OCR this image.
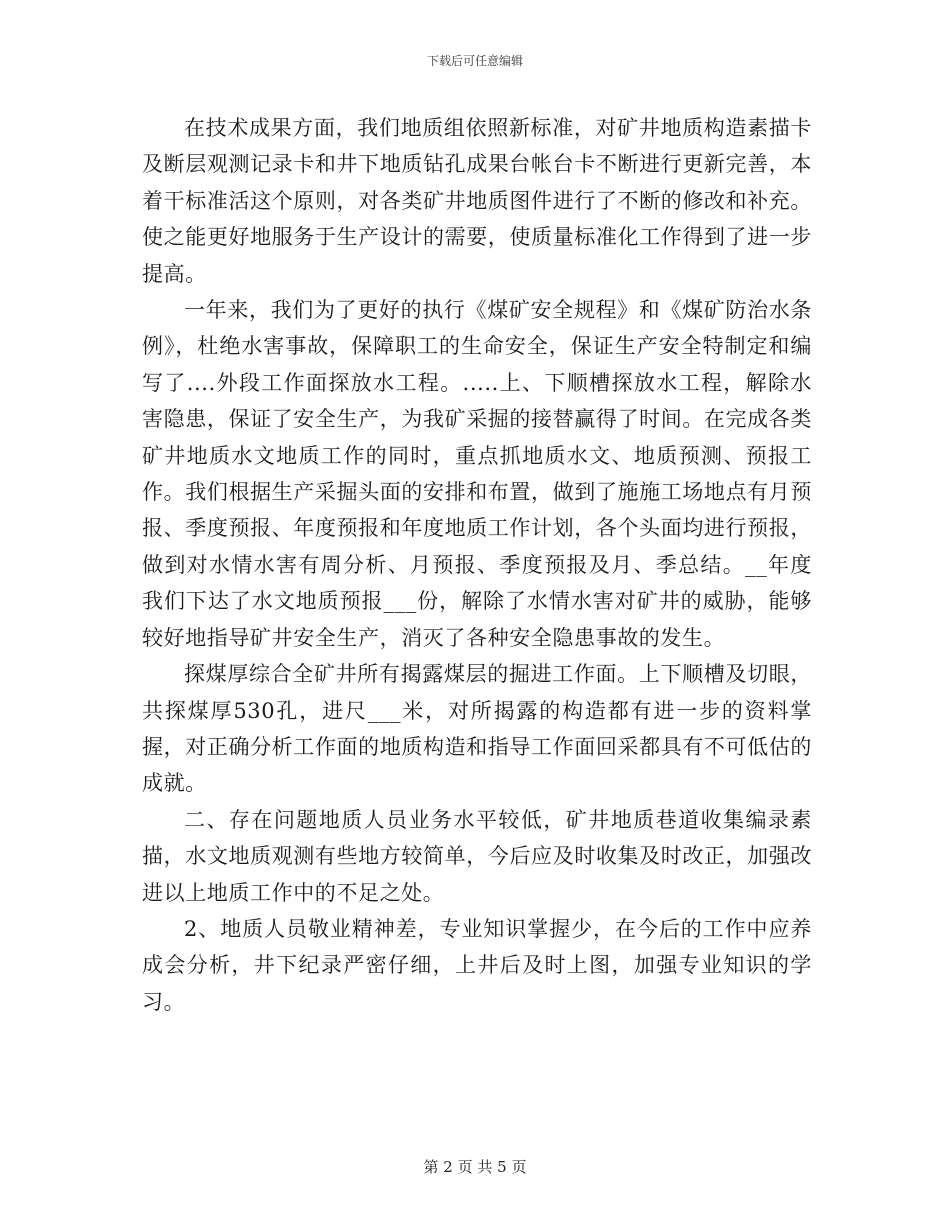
下载后可任意编辑

在技术成果方面，我们地质组依照新标准，对矿井地质构造素描卡及断层观测记录卡和井下地质钻孔成果台帐台卡不断进行更新完善，本着干标准活这个原则，对各类矿井地质图件进行了不断的修改和补充。使之能更好地服务于生产设计的需要，使质量标准化工作得到了进一步提高。

一年来，我们为了更好的执行《煤矿安全规程》和《煤矿防治水条例》，杜绝水害事故，保障职工的生命安全，保证生产安全特制定和编写了....外段工作面探放水工程。.....上、下顺槽探放水工程，解除水害隐患，保证了安全生产，为我矿采掘的接替赢得了时间。在完成各类矿井地质水文地质工作的同时，重点抓地质水文、地质预测、预报工作。我们根据生产采掘头面的安排和布置，做到了施施工场地点有月预报、季度预报、年度预报和年度地质工作计划，各个头面均进行预报，做到对水情水害有周分析、月预报、季度预报及月、季总结。__年度我们下达了水文地质预报___份，解除了水情水害对矿井的威胁，能够较好地指导矿井安全生产，消灭了各种安全隐患事故的发生。

探煤厚综合全矿井所有揭露煤层的掘进工作面。上下顺槽及切眼，共探煤厚530孔，进尺___米，对所揭露的构造都有进一步的资料掌握，对正确分析工作面的地质构造和指导工作面回采都具有不可低估的成就。

二、存在问题地质人员业务水平较低，矿井地质巷道收集编录素描，水文地质观测有些地方较简单，今后应及时收集及时改正，加强改进以上地质工作中的不足之处。

2、地质人员敬业精神差，专业知识掌握少，在今后的工作中应养成会分析，井下纪录严密仔细，上井后及时上图，加强专业知识的学习。

第 2 页 共 5 页
